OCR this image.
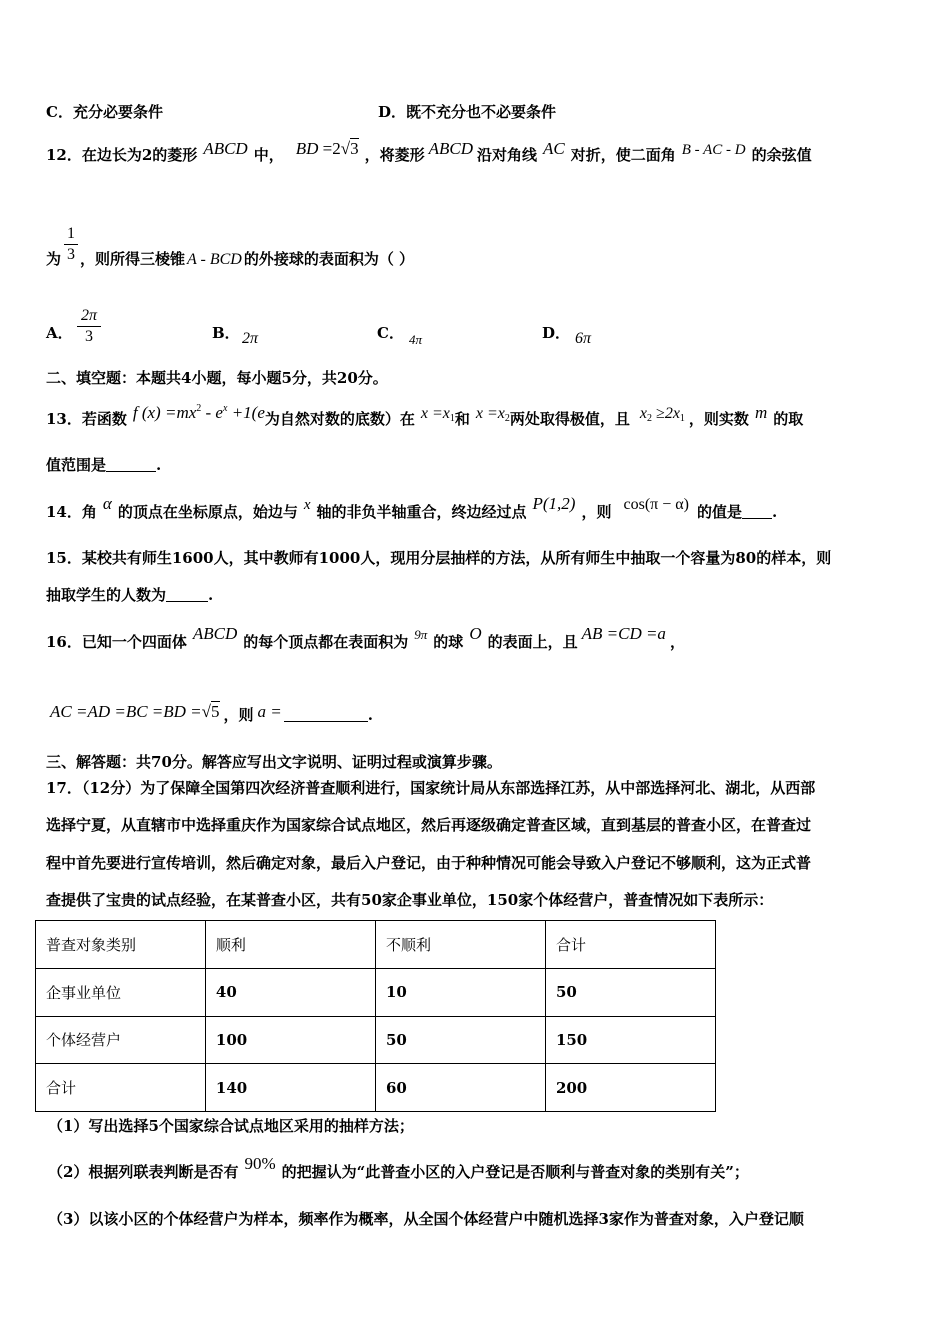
C．充分必要条件	D．既不充分也不必要条件
12．在边长为2的菱形 ABCD 中， BD =2√3 ，将菱形 ABCD 沿对角线 AC 对折，使二面角 B - AC - D 的余弦值
为
1
3 ，则所得三棱锥 A - BCD 的外接球的表面积为（ ）
A．
2π
3	B． 2π	C． 4π	D． 6π
二、填空题：本题共4小题，每小题5分，共20分。
13．若函数 f $(x) =mx^2 - e^x +1(e$为自然对数的底数）在 $x =x_1$和 $x =x_2$两处取得极值，且 $x_2 \ge 2x_1$ ，则实数 m 的取
值范围是	.
14．角 α 的顶点在坐标原点，始边与 x 轴的非负半轴重合，终边经过点 P(1,2) ，则 cos(π − α) 的值是 .
15．某校共有师生1600人，其中教师有1000人，现用分层抽样的方法，从所有师生中抽取一个容量为80的样本，则
抽取学生的人数为	.
16．已知一个四面体 ABCD 的每个顶点都在表面积为 9π 的球 O 的表面上，且 AB =CD =a ，
AC =AD =BC =BD =√5 ，则 a =	.
三、解答题：共70分。解答应写出文字说明、证明过程或演算步骤。
17．（12分）为了保障全国第四次经济普查顺利进行，国家统计局从东部选择江苏，从中部选择河北、湖北，从西部
选择宁夏，从直辖市中选择重庆作为国家综合试点地区，然后再逐级确定普查区域，直到基层的普查小区，在普查过
程中首先要进行宣传培训，然后确定对象，最后入户登记，由于种种情况可能会导致入户登记不够顺利，这为正式普
查提供了宝贵的试点经验，在某普查小区，共有50家企事业单位，150家个体经营户，普查情况如下表所示：
普查对象类别	顺利	不顺利	合计
企事业单位	40	10	50
个体经营户	100	50	150
合计	140	60	200
（1）写出选择5个国家综合试点地区采用的抽样方法；
（2）根据列联表判断是否有 90% 的把握认为“此普查小区的入户登记是否顺利与普查对象的类别有关”；
（3）以该小区的个体经营户为样本，频率作为概率，从全国个体经营户中随机选择3家作为普查对象，入户登记顺
